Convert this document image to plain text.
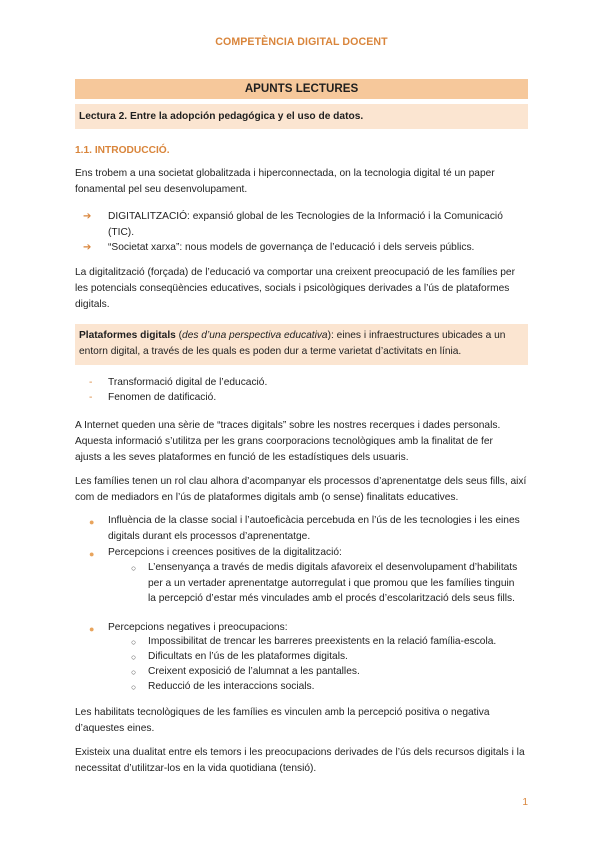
COMPETÈNCIA DIGITAL DOCENT
APUNTS LECTURES
Lectura 2. Entre la adopción pedagógica y el uso de datos.
1.1. INTRODUCCIÓ.

Ens trobem a una societat globalitzada i hiperconnectada, on la tecnologia digital té un paper
fonamental pel seu desenvolupament.

➔ DIGITALITZACIÓ: expansió global de les Tecnologies de la Informació i la Comunicació
(TIC).

➔ “Societat xarxa”: nous models de governança de l’educació i dels serveis públics.

La digitalització (forçada) de l’educació va comportar una creixent preocupació de les famílies per
les potencials conseqüències educatives, socials i psicològiques derivades a l’ús de plataformes
digitals.

Plataformes digitals (des d’una perspectiva educativa): eines i infraestructures ubicades a un
entorn digital, a través de les quals es poden dur a terme varietat d’activitats en línia.
- Transformació digital de l’educació.

- Fenomen de datificació.

A Internet queden una sèrie de “traces digitals” sobre les nostres recerques i dades personals.
Aquesta informació s’utilitza per les grans coorporacions tecnològiques amb la finalitat de fer
ajusts a les seves plataformes en funció de les estadístiques dels usuaris.

Les famílies tenen un rol clau alhora d’acompanyar els processos d’aprenentatge dels seus fills, així
com de mediadors en l’ús de plataformes digitals amb (o sense) finalitats educatives.

● Influència de la classe social i l’autoeficàcia percebuda en l’ús de les tecnologies i les eines
digitals durant els processos d’aprenentatge.

● Percepcions i creences positives de la digitalització:

○ L’ensenyança a través de medis digitals afavoreix el desenvolupament d’habilitats
per a un vertader aprenentatge autorregulat i que promou que les famílies tinguin
la percepció d’estar més vinculades amb el procés d’escolarització dels seus fills.

● Percepcions negatives i preocupacions:

○ Impossibilitat de trencar les barreres preexistents en la relació família-escola.

○ Dificultats en l’ús de les plataformes digitals.

○ Creixent exposició de l’alumnat a les pantalles.

○ Reducció de les interaccions socials.

Les habilitats tecnològiques de les famílies es vinculen amb la percepció positiva o negativa
d’aquestes eines.

Existeix una dualitat entre els temors i les preocupacions derivades de l’ús dels recursos digitals i la
necessitat d’utilitzar-los en la vida quotidiana (tensió).

1
